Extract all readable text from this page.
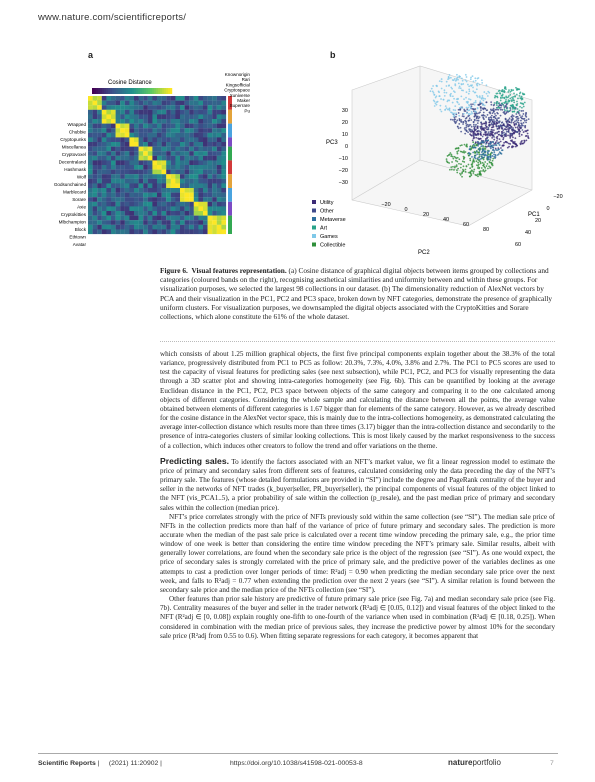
www.nature.com/scientificreports/
a	b
Cosine Distance
Knownorigin
Rari
Kingsofficial
Cryptospace
Xuniverse
Maker
Superrare
Pu
Wrapped
Chubbie
Cryptopunks
Miscellanea
Cryptovoxel
Decentraland
Hashmask
Wolf
Godsunchained
Marblecard
Sorare
Axie
Cryptokitties
Mlbchampion
Block
Ethtown
Avatar
30
20
10
0
−10
−20
−30
PC3
−20
0
20
40
60
80
PC2
−20
0
20
40
60
PC1
Utility
Other
Metaverse
Art
Games
Collectible
Figure 6. Visual features representation. (a) Cosine distance of graphical digital objects between items grouped by collections and categories (coloured bands on the right), recognising aesthetical similarities and uniformity between and within these groups. For visualization purposes, we selected the largest 98 collections in our dataset. (b) The dimensionality reduction of AlexNet vectors by PCA and their visualization in the PC1, PC2 and PC3 space, broken down by NFT categories, demonstrate the presence of graphically uniform clusters. For visualization purposes, we downsampled the digital objects associated with the CryptoKitties and Sorare collections, which alone constitute the 61% of the whole dataset.

which consists of about 1.25 million graphical objects, the first five principal components explain together about the 38.3% of the total variance, progressively distributed from PC1 to PC5 as follow: 20.3%, 7.3%, 4.0%, 3.8% and 2.7%. The PC1 to PC5 scores are used to test the capacity of visual features for predicting sales (see next subsection), while PC1, PC2, and PC3 for visually representing the data through a 3D scatter plot and showing intra-categories homogeneity (see Fig. 6b). This can be quantified by looking at the average Euclidean distance in the PC1, PC2, PC3 space between objects of the same category and comparing it to the one calculated among objects of different categories. Considering the whole sample and calculating the distance between all the points, the average value obtained between elements of different categories is 1.67 bigger than for elements of the same category. However, as we already described for the cosine distance in the AlexNet vector space, this is mainly due to the intra-collections homogeneity, as demonstrated calculating the average inter-collection distance which results more than three times (3.17) bigger than the intra-collection distance and secondarily to the presence of intra-categories clusters of similar looking collections. This is most likely caused by the market responsiveness to the success of a collection, which induces other creators to follow the trend and offer variations on the theme.

Predicting sales. To identify the factors associated with an NFT’s market value, we fit a linear regression model to estimate the price of primary and secondary sales from different sets of features, calculated considering only the data preceding the day of the NFT’s primary sale. The features (whose detailed formulations are provided in “SI”) include the degree and PageRank centrality of the buyer and seller in the networks of NFT trades (k_buyer|seller, PR_buyer|seller), the principal components of visual features of the object linked to the NFT (vis_PCA1..5), a prior probability of sale within the collection (p_resale), and the past median price of primary and secondary sales within the collection (median price).

NFT’s price correlates strongly with the price of NFTs previously sold within the same collection (see “SI”). The median sale price of NFTs in the collection predicts more than half of the variance of price of future primary and secondary sales. The prediction is more accurate when the median of the past sale price is calculated over a recent time window preceding the primary sale, e.g., the prior time window of one week is better than considering the entire time window preceding the NFT’s primary sale. Similar results, albeit with generally lower correlations, are found when the secondary sale price is the object of the regression (see “SI”). As one would expect, the price of secondary sales is strongly correlated with the price of primary sale, and the predictive power of the variables declines as one attempts to cast a prediction over longer periods of time: R²adj = 0.90 when predicting the median secondary sale price over the next week, and falls to R²adj = 0.77 when extending the prediction over the next 2 years (see “SI”). A similar relation is found between the secondary sale price and the median price of the NFTs collection (see “SI”).

Other features than prior sale history are predictive of future primary sale price (see Fig. 7a) and median secondary sale price (see Fig. 7b). Centrality measures of the buyer and seller in the trader network (R²adj ∈ [0.05, 0.12]) and visual features of the object linked to the NFT (R²adj ∈ [0, 0.08]) explain roughly one-fifth to one-fourth of the variance when used in combination (R²adj ∈ [0.18, 0.25]). When considered in combination with the median price of previous sales, they increase the predictive power by almost 10% for the secondary sale price (R²adj from 0.55 to 0.6). When fitting separate regressions for each category, it becomes apparent that

Scientific Reports |     (2021) 11:20902 |	https://doi.org/10.1038/s41598-021-00053-8	natureportfolio	7
